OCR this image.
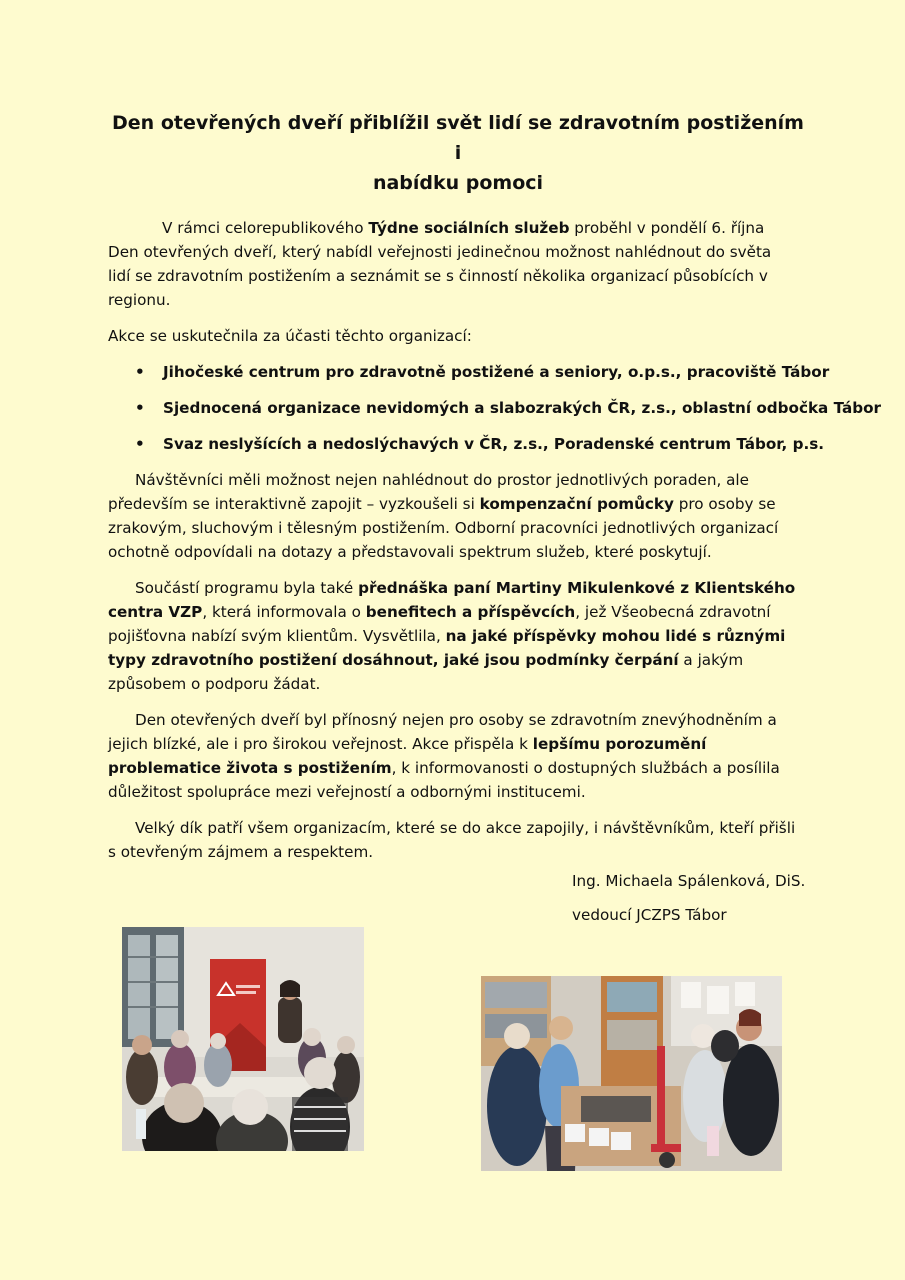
Den otevřených dveří přiblížil svět lidí se zdravotním postižením i
nabídku pomoci

V rámci celorepublikového Týdne sociálních služeb proběhl v pondělí 6. října Den otevřených dveří, který nabídl veřejnosti jedinečnou možnost nahlédnout do světa lidí se zdravotním postižením a seznámit se s činností několika organizací působících v regionu.

Akce se uskutečnila za účasti těchto organizací:

• Jihočeské centrum pro zdravotně postižené a seniory, o.p.s., pracoviště Tábor
• Sjednocená organizace nevidomých a slabozrakých ČR, z.s., oblastní odbočka Tábor
• Svaz neslyšících a nedoslýchavých v ČR, z.s., Poradenské centrum Tábor, p.s.

Návštěvníci měli možnost nejen nahlédnout do prostor jednotlivých poraden, ale především se interaktivně zapojit – vyzkoušeli si kompenzační pomůcky pro osoby se zrakovým, sluchovým i tělesným postižením. Odborní pracovníci jednotlivých organizací ochotně odpovídali na dotazy a představovali spektrum služeb, které poskytují.

Součástí programu byla také přednáška paní Martiny Mikulenkové z Klientského centra VZP, která informovala o benefitech a příspěvcích, jež Všeobecná zdravotní pojišťovna nabízí svým klientům. Vysvětlila, na jaké příspěvky mohou lidé s různými typy zdravotního postižení dosáhnout, jaké jsou podmínky čerpání a jakým způsobem o podporu žádat.

Den otevřených dveří byl přínosný nejen pro osoby se zdravotním znevýhodněním a jejich blízké, ale i pro širokou veřejnost. Akce přispěla k lepšímu porozumění problematice života s postižením, k informovanosti o dostupných službách a posílila důležitost spolupráce mezi veřejností a odbornými institucemi.

Velký dík patří všem organizacím, které se do akce zapojily, i návštěvníkům, kteří přišli s otevřeným zájmem a respektem.

Ing. Michaela Spálenková, DiS.
vedoucí JCZPS Tábor
